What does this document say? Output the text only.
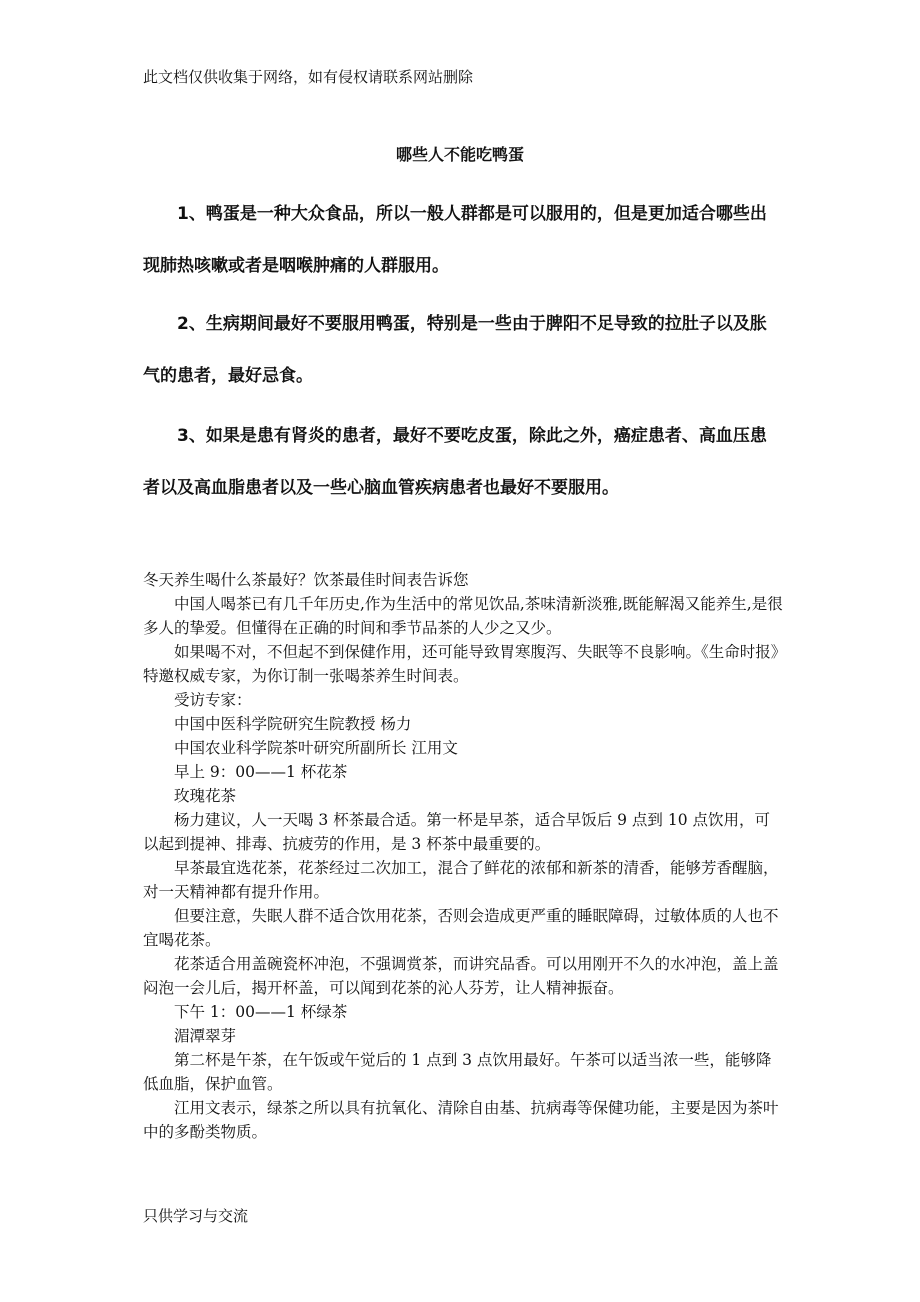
此文档仅供收集于网络，如有侵权请联系网站删除
哪些人不能吃鸭蛋

1、鸭蛋是一种大众食品，所以一般人群都是可以服用的，但是更加适合哪些出现肺热咳嗽或者是咽喉肿痛的人群服用。

2、生病期间最好不要服用鸭蛋，特别是一些由于脾阳不足导致的拉肚子以及胀气的患者，最好忌食。

3、如果是患有肾炎的患者，最好不要吃皮蛋，除此之外，癌症患者、高血压患者以及高血脂患者以及一些心脑血管疾病患者也最好不要服用。

冬天养生喝什么茶最好？饮茶最佳时间表告诉您

中国人喝茶已有几千年历史,作为生活中的常见饮品,茶味清新淡雅,既能解渴又能养生,是很多人的挚爱。但懂得在正确的时间和季节品茶的人少之又少。

如果喝不对，不但起不到保健作用，还可能导致胃寒腹泻、失眠等不良影响。《生命时报》特邀权威专家，为你订制一张喝茶养生时间表。

受访专家：

中国中医科学院研究生院教授 杨力

中国农业科学院茶叶研究所副所长 江用文

早上 9：00——1 杯花茶

玫瑰花茶

杨力建议，人一天喝 3 杯茶最合适。第一杯是早茶，适合早饭后 9 点到 10 点饮用，可以起到提神、排毒、抗疲劳的作用，是 3 杯茶中最重要的。

早茶最宜选花茶，花茶经过二次加工，混合了鲜花的浓郁和新茶的清香，能够芳香醒脑，对一天精神都有提升作用。

但要注意，失眠人群不适合饮用花茶，否则会造成更严重的睡眠障碍，过敏体质的人也不宜喝花茶。

花茶适合用盖碗瓷杯冲泡，不强调赏茶，而讲究品香。可以用刚开不久的水冲泡，盖上盖闷泡一会儿后，揭开杯盖，可以闻到花茶的沁人芬芳，让人精神振奋。

下午 1：00——1 杯绿茶

湄潭翠芽

第二杯是午茶，在午饭或午觉后的 1 点到 3 点饮用最好。午茶可以适当浓一些，能够降低血脂，保护血管。

江用文表示，绿茶之所以具有抗氧化、清除自由基、抗病毒等保健功能，主要是因为茶叶中的多酚类物质。

只供学习与交流
